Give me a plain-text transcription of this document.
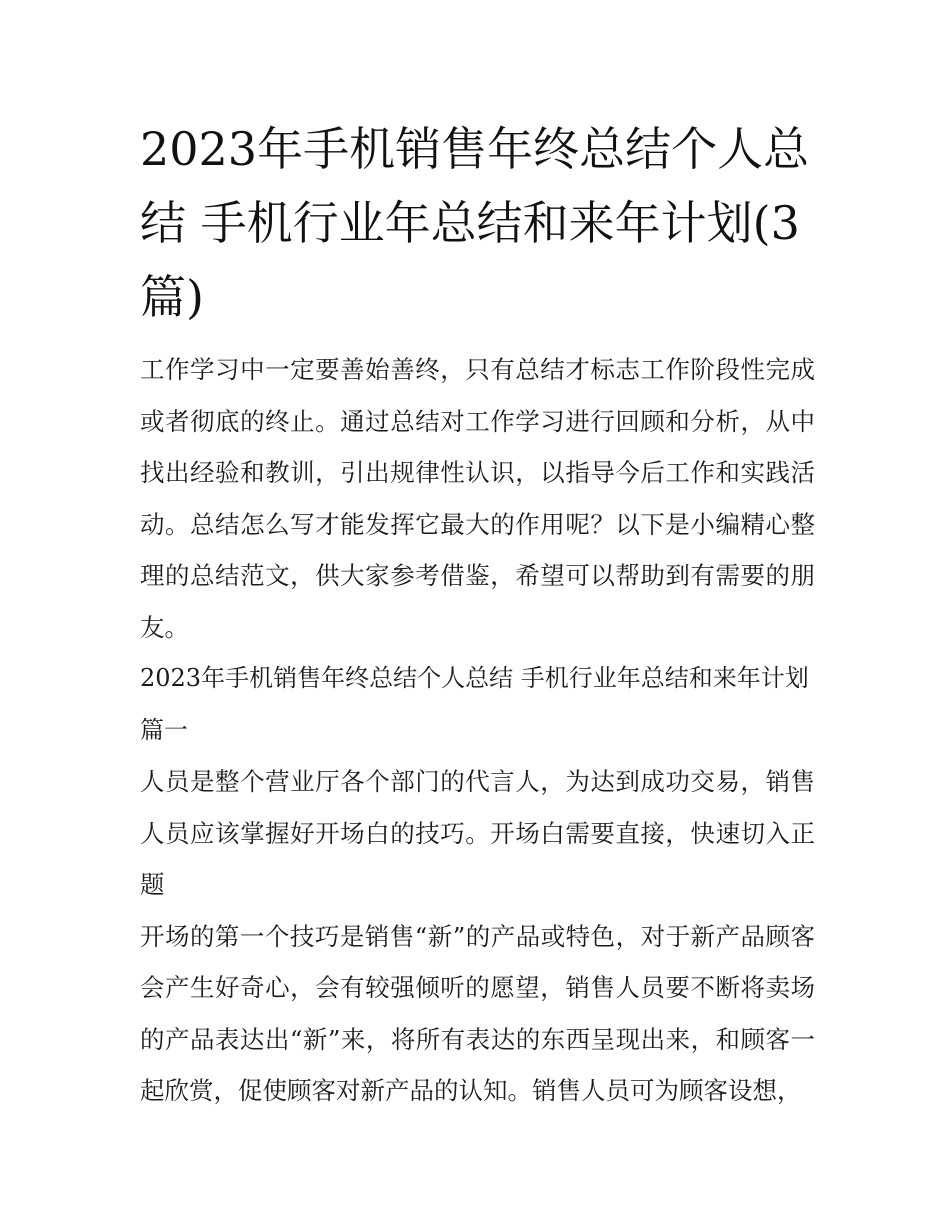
2023年手机销售年终总结个人总结 手机行业年总结和来年计划(3篇)

工作学习中一定要善始善终，只有总结才标志工作阶段性完成或者彻底的终止。通过总结对工作学习进行回顾和分析，从中找出经验和教训，引出规律性认识，以指导今后工作和实践活动。总结怎么写才能发挥它最大的作用呢？以下是小编精心整理的总结范文，供大家参考借鉴，希望可以帮助到有需要的朋友。

2023年手机销售年终总结个人总结 手机行业年总结和来年计划篇一

人员是整个营业厅各个部门的代言人，为达到成功交易，销售人员应该掌握好开场白的技巧。开场白需要直接，快速切入正题

开场的第一个技巧是销售“新”的产品或特色，对于新产品顾客会产生好奇心，会有较强倾听的愿望，销售人员要不断将卖场的产品表达出“新”来，将所有表达的东西呈现出来，和顾客一起欣赏，促使顾客对新产品的认知。销售人员可为顾客设想，
